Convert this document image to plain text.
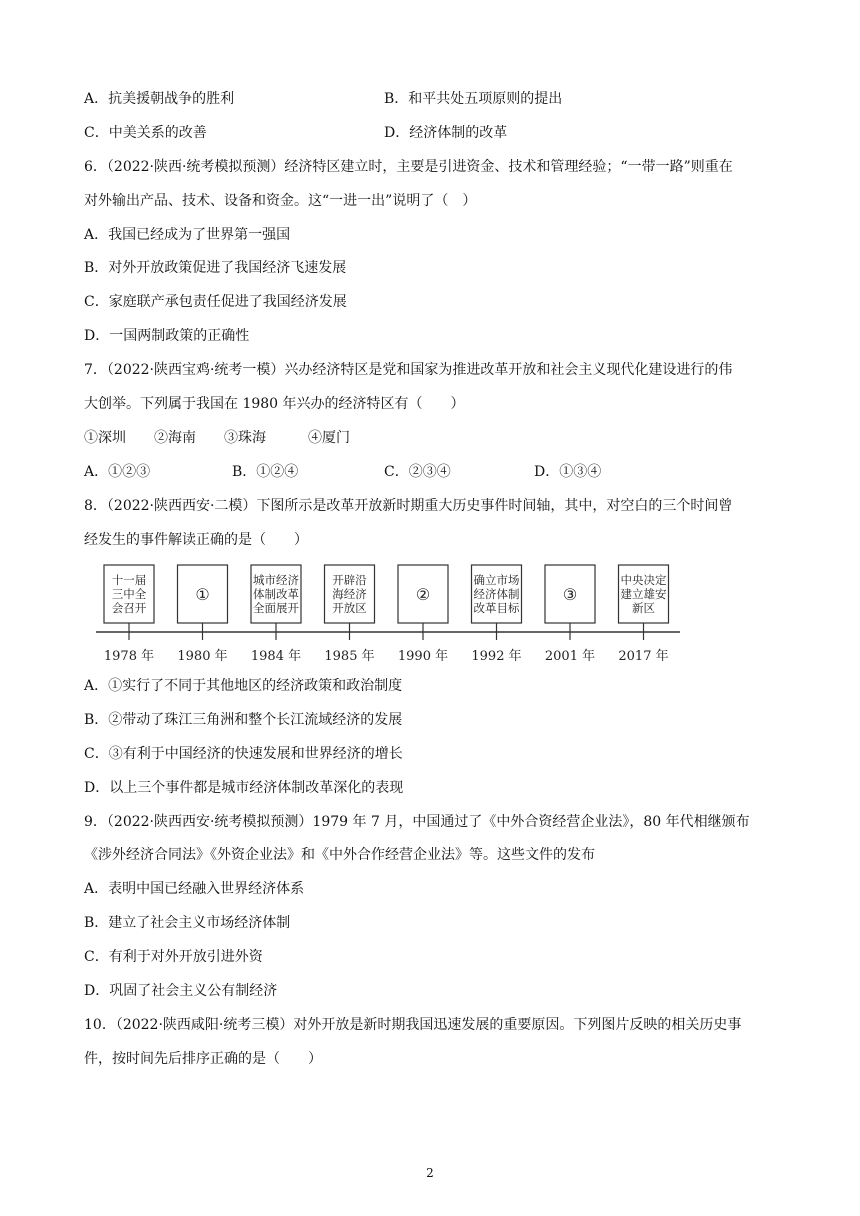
A．抗美援朝战争的胜利	B．和平共处五项原则的提出
C．中美关系的改善	D．经济体制的改革
6．（2022·陕西·统考模拟预测）经济特区建立时，主要是引进资金、技术和管理经验；“一带一路”则重在
对外输出产品、技术、设备和资金。这“一进一出”说明了（　）
A．我国已经成为了世界第一强国
B．对外开放政策促进了我国经济飞速发展
C．家庭联产承包责任促进了我国经济发展
D．一国两制政策的正确性
7．（2022·陕西宝鸡·统考一模）兴办经济特区是党和国家为推进改革开放和社会主义现代化建设进行的伟
大创举。下列属于我国在 1980 年兴办的经济特区有（　　）
①深圳　　②海南　　③珠海　　　④厦门
A．①②③	B．①②④	C．②③④	D．①③④
8．（2022·陕西西安·二模）下图所示是改革开放新时期重大历史事件时间轴，其中，对空白的三个时间曾
经发生的事件解读正确的是（　　）
十一届
三中全
会召开
1978 年
①
1980 年
城市经济
体制改革
全面展开
1984 年
开辟沿
海经济
开放区
1985 年
②
1990 年
确立市场
经济体制
改革目标
1992 年
③
2001 年
中央决定
建立雄安
新区
2017 年
A．①实行了不同于其他地区的经济政策和政治制度
B．②带动了珠江三角洲和整个长江流域经济的发展
C．③有利于中国经济的快速发展和世界经济的增长
D．以上三个事件都是城市经济体制改革深化的表现
9．（2022·陕西西安·统考模拟预测）1979 年 7 月，中国通过了《中外合资经营企业法》，80 年代相继颁布
《涉外经济合同法》《外资企业法》和《中外合作经营企业法》等。这些文件的发布
A．表明中国已经融入世界经济体系
B．建立了社会主义市场经济体制
C．有利于对外开放引进外资
D．巩固了社会主义公有制经济
10．（2022·陕西咸阳·统考三模）对外开放是新时期我国迅速发展的重要原因。下列图片反映的相关历史事
件，按时间先后排序正确的是（　　）
2
